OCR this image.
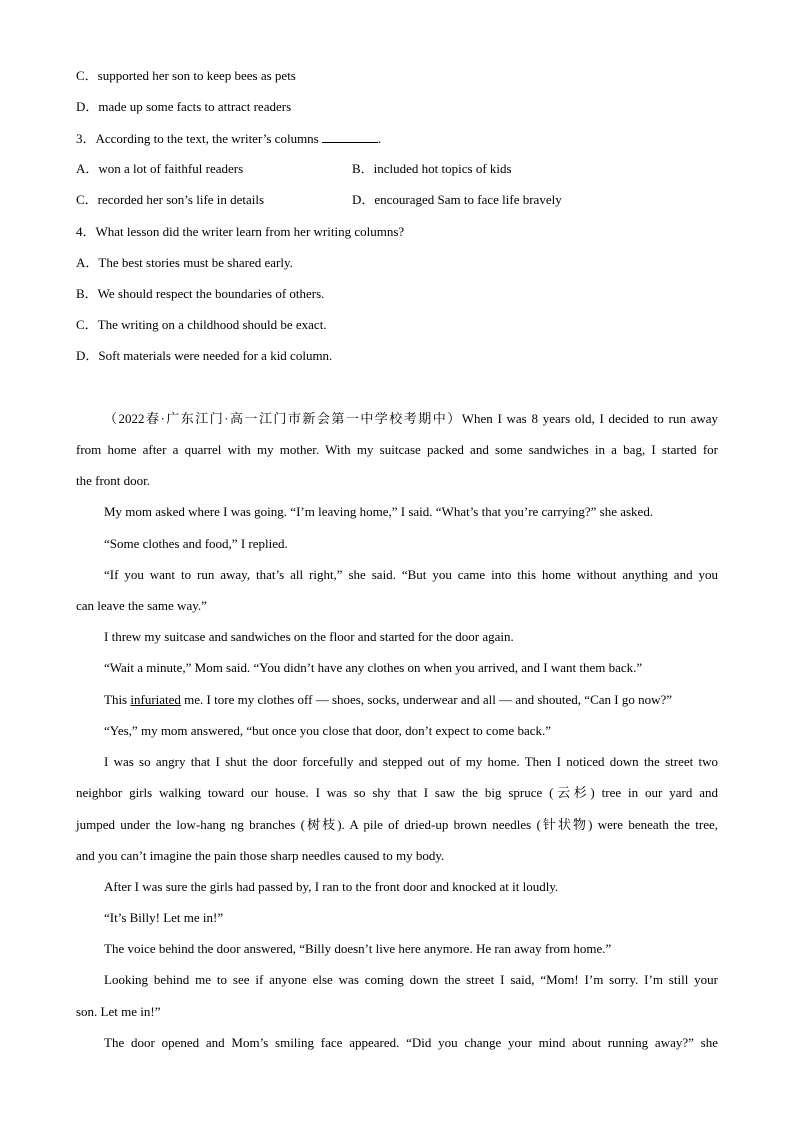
C．supported her son to keep bees as pets
D．made up some facts to attract readers
3．According to the text, the writer’s columns	.
A．won a lot of faithful readers	B．included hot topics of kids
C．recorded her son’s life in details	D．encouraged Sam to face life bravely
4．What lesson did the writer learn from her writing columns?
A．The best stories must be shared early.
B．We should respect the boundaries of others.
C．The writing on a childhood should be exact.
D．Soft materials were needed for a kid column.
（2022春·广东江门·高一江门市新会第一中学校考期中）When I was 8 years old, I decided to run away
from home after a quarrel with my mother. With my suitcase packed and some sandwiches in a bag, I started for
the front door.
My mom asked where I was going. “I’m leaving home,” I said. “What’s that you’re carrying?” she asked.
“Some clothes and food,” I replied.
“If you want to run away, that’s all right,” she said. “But you came into this home without anything and you
can leave the same way.”
I threw my suitcase and sandwiches on the floor and started for the door again.
“Wait a minute,” Mom said. “You didn’t have any clothes on when you arrived, and I want them back.”
This infuriated me. I tore my clothes off — shoes, socks, underwear and all — and shouted, “Can I go now?”
“Yes,” my mom answered, “but once you close that door, don’t expect to come back.”
I was so angry that I shut the door forcefully and stepped out of my home. Then I noticed down the street two
neighbor girls walking toward our house. I was so shy that I saw the big spruce (云杉) tree in our yard and
jumped under the low-hang ng branches (树枝). A pile of dried-up brown needles (针状物) were beneath the tree,
and you can’t imagine the pain those sharp needles caused to my body.
After I was sure the girls had passed by, I ran to the front door and knocked at it loudly.
“It’s Billy! Let me in!”
The voice behind the door answered, “Billy doesn’t live here anymore. He ran away from home.”
Looking behind me to see if anyone else was coming down the street I said, “Mom! I’m sorry. I’m still your
son. Let me in!”
The door opened and Mom’s smiling face appeared. “Did you change your mind about running away?” she
